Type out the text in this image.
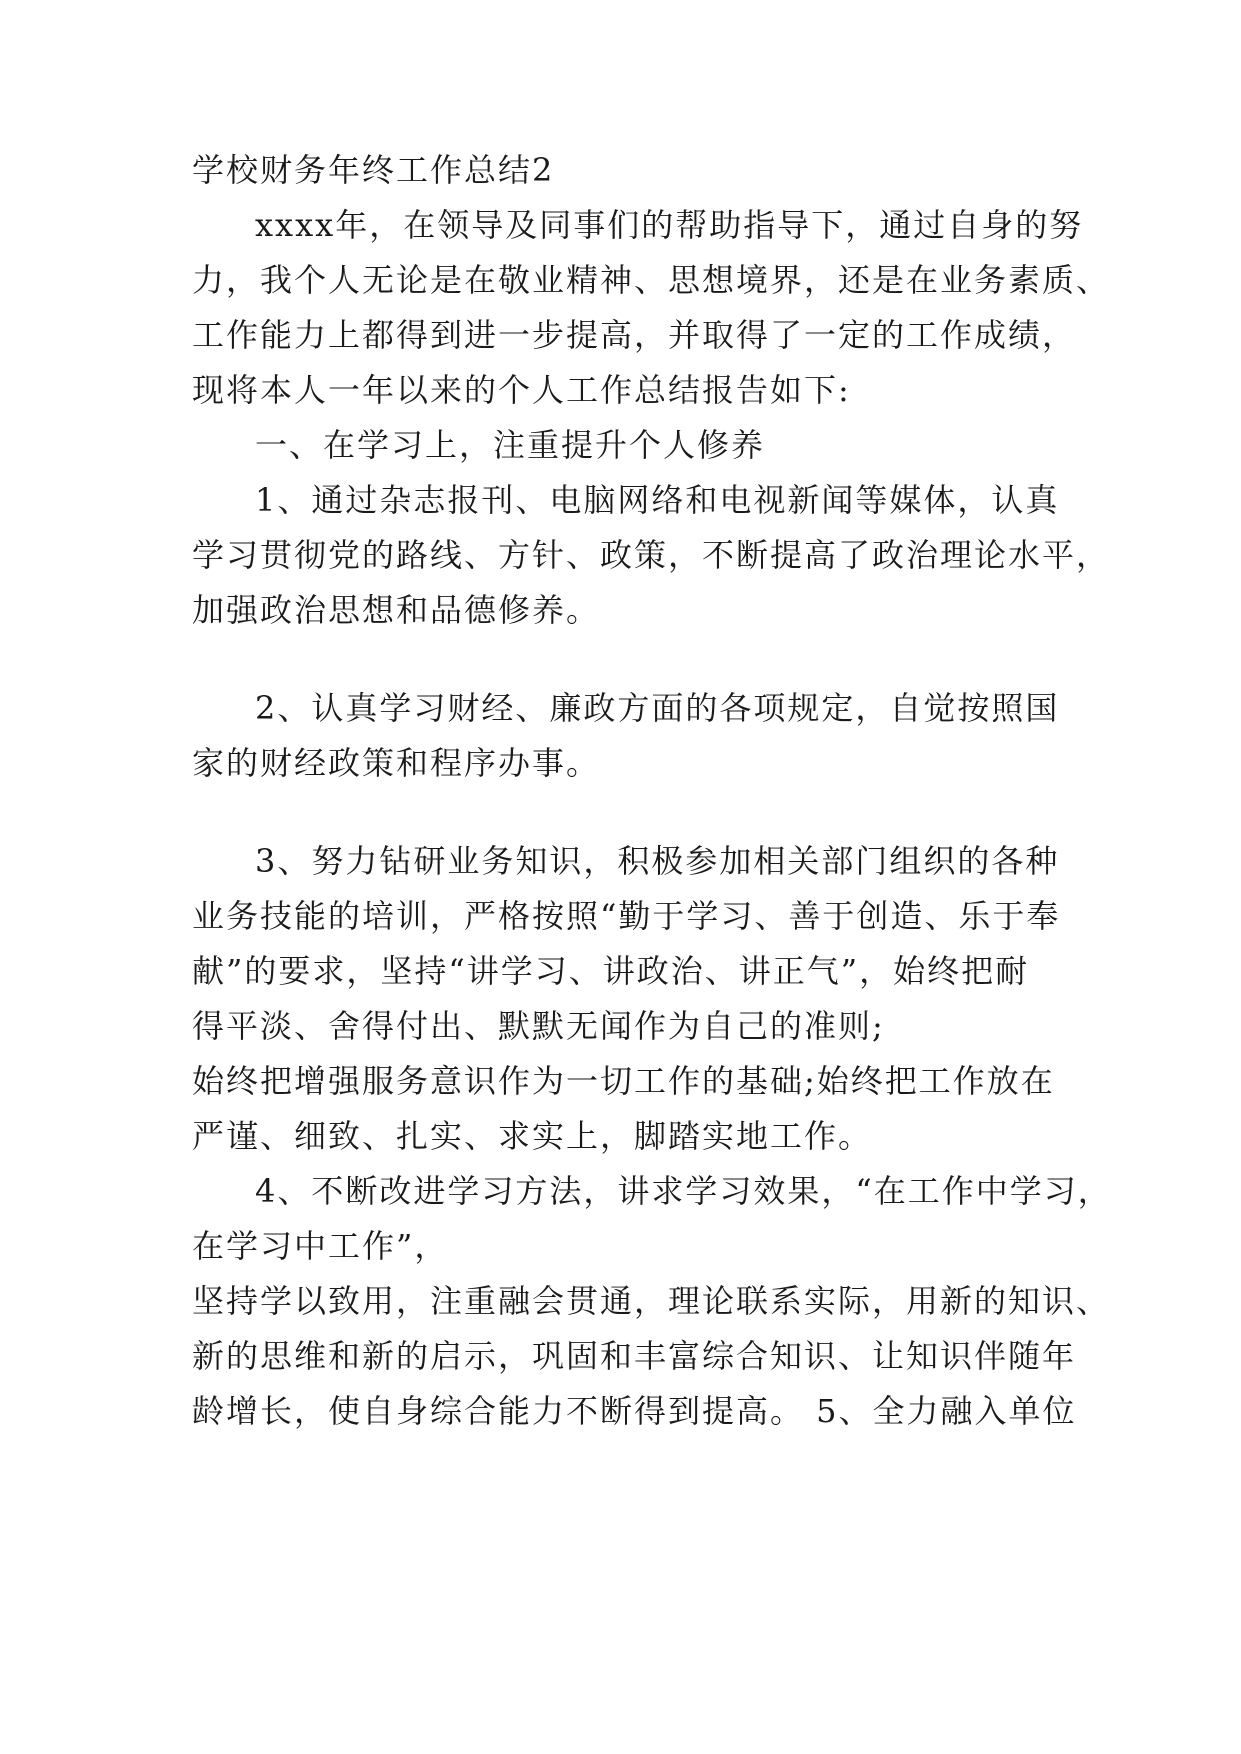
学校财务年终工作总结2
xxxx年，在领导及同事们的帮助指导下，通过自身的努
力，我个人无论是在敬业精神、思想境界，还是在业务素质、
工作能力上都得到进一步提高，并取得了一定的工作成绩，
现将本人一年以来的个人工作总结报告如下:
一、在学习上，注重提升个人修养
1、通过杂志报刊、电脑网络和电视新闻等媒体，认真
学习贯彻党的路线、方针、政策，不断提高了政治理论水平，
加强政治思想和品德修养。
2、认真学习财经、廉政方面的各项规定，自觉按照国
家的财经政策和程序办事。
3、努力钻研业务知识，积极参加相关部门组织的各种
业务技能的培训，严格按照“勤于学习、善于创造、乐于奉
献”的要求，坚持“讲学习、讲政治、讲正气”，始终把耐
得平淡、舍得付出、默默无闻作为自己的准则;
始终把增强服务意识作为一切工作的基础;始终把工作放在
严谨、细致、扎实、求实上，脚踏实地工作。
4、不断改进学习方法，讲求学习效果，“在工作中学习，
在学习中工作”，
坚持学以致用，注重融会贯通，理论联系实际，用新的知识、
新的思维和新的启示，巩固和丰富综合知识、让知识伴随年
龄增长，使自身综合能力不断得到提高。 5、全力融入单位
